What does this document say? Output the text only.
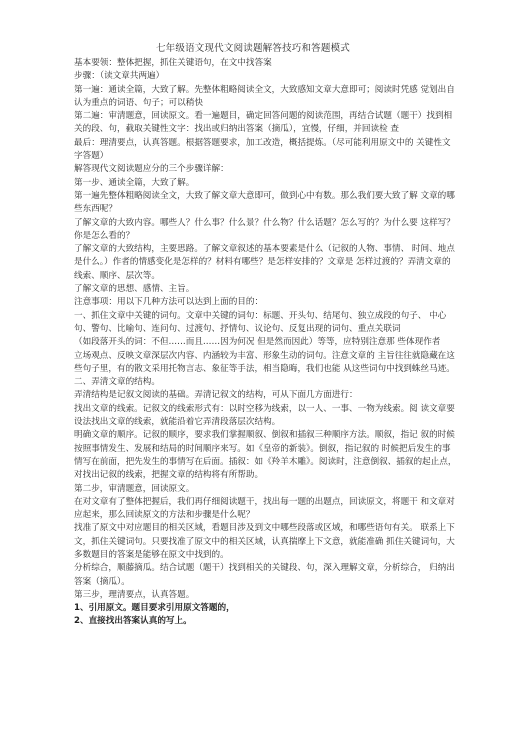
七年级语文现代文阅读题解答技巧和答题模式
基本要领：整体把握，抓住关键语句，在文中找答案
步骤：（读文章共两遍）
第一遍：通读全篇，大致了解。先整体粗略阅读全文，大致感知文章大意即可；阅读时凭感 觉划出自
认为重点的词语、句子；可以稍快
第二遍：审清题意，回读原文。看一遍题目，确定回答问题的阅读范围，再结合试题（题干）找到相
关的段、句，截取关键性文字：找出或归纳出答案（摘瓜），宜慢，仔细，并回读检 查
最后：理清要点，认真答题。根据答题要求，加工改造，概括提炼。（尽可能利用原文中的 关键性文
字答题）
解答现代文阅读题应分的三个步骤详解：
第一步、通读全篇，大致了解。
第一遍先整体粗略阅读全文，大致了解文章大意即可，做到心中有数。那么我们要大致了解 文章的哪
些东西呢？
了解文章的大致内容。哪些人？什么事？什么景？什么物？什么话题？怎么写的？为什么要 这样写？
你是怎么看的？
了解文章的大致结构，主要思路。了解文章叙述的基本要素是什么（记叙的人物、事情、 时间、地点
是什么。）作者的情感变化是怎样的？材料有哪些？是怎样安排的？文章是 怎样过渡的？弄清文章的
线索、顺序、层次等。
了解文章的思想、感情、主旨。
注意事项：用以下几种方法可以达到上面的目的：
一、抓住文章中关键的词句。文章中关键的词句：标题、开头句、结尾句、独立成段的句子、 中心
句、警句、比喻句、连问句、过渡句、抒情句、议论句、反复出现的词句、重点关联词
（如段落开头的词：不但……而且……因为何况 但是然而因此）等等，应特别注意那 些体现作者
立场观点、反映文章深层次内容、内涵较为丰富、形象生动的词句。注意文章的 主旨往往就隐藏在这
些句子里，有的散文采用托物言志、象征等手法，相当隐晦，我们也能 从这些词句中找到蛛丝马迹。
二、弄清文章的结构。
弄清结构是记叙文阅读的基础。弄清记叙文的结构，可从下面几方面进行：
找出文章的线索。记叙文的线索形式有：以时空移为线索，以一人、一事、一物为线索。阅 读文章要
设法找出文章的线索，就能沿着它弄清段落层次结构。
明确文章的顺序。记叙的顺序，要求我们掌握顺叙、倒叙和插叙三种顺序方法。顺叙，指记 叙的时候
按照事情发生、发展和结局的时间顺序来写。如《皇帝的新装》。倒叙，指记叙的 时候把后发生的事
情写在前面，把先发生的事情写在后面。插叙：如《羚羊木雕》。阅读时，注意倒叙、插叙的起止点，
对找出记叙的线索，把握文章的结构将有所帮助。
第二步，审清题意，回读原文。
在对文章有了整体把握后，我们再仔细阅读题干，找出每一题的出题点，回读原文，将题干 和文章对
应起来，那么回读原文的方法和步骤是什么呢？
找准了原文中对应题目的相关区域，看题目涉及到文中哪些段落或区域，和哪些语句有关。 联系上下
文，抓住关键词句。只要找准了原文中的相关区域，认真揣摩上下文意，就能准确 抓住关键词句，大
多数题目的答案是能够在原文中找到的。
分析综合，顺藤摘瓜。结合试题（题干）找到相关的关键段、句，深入理解文章，分析综合， 归纳出
答案（摘瓜）。
第三步，理清要点，认真答题。
1、引用原文。题目要求引用原文答题的，
2、直接找出答案认真的写上。
